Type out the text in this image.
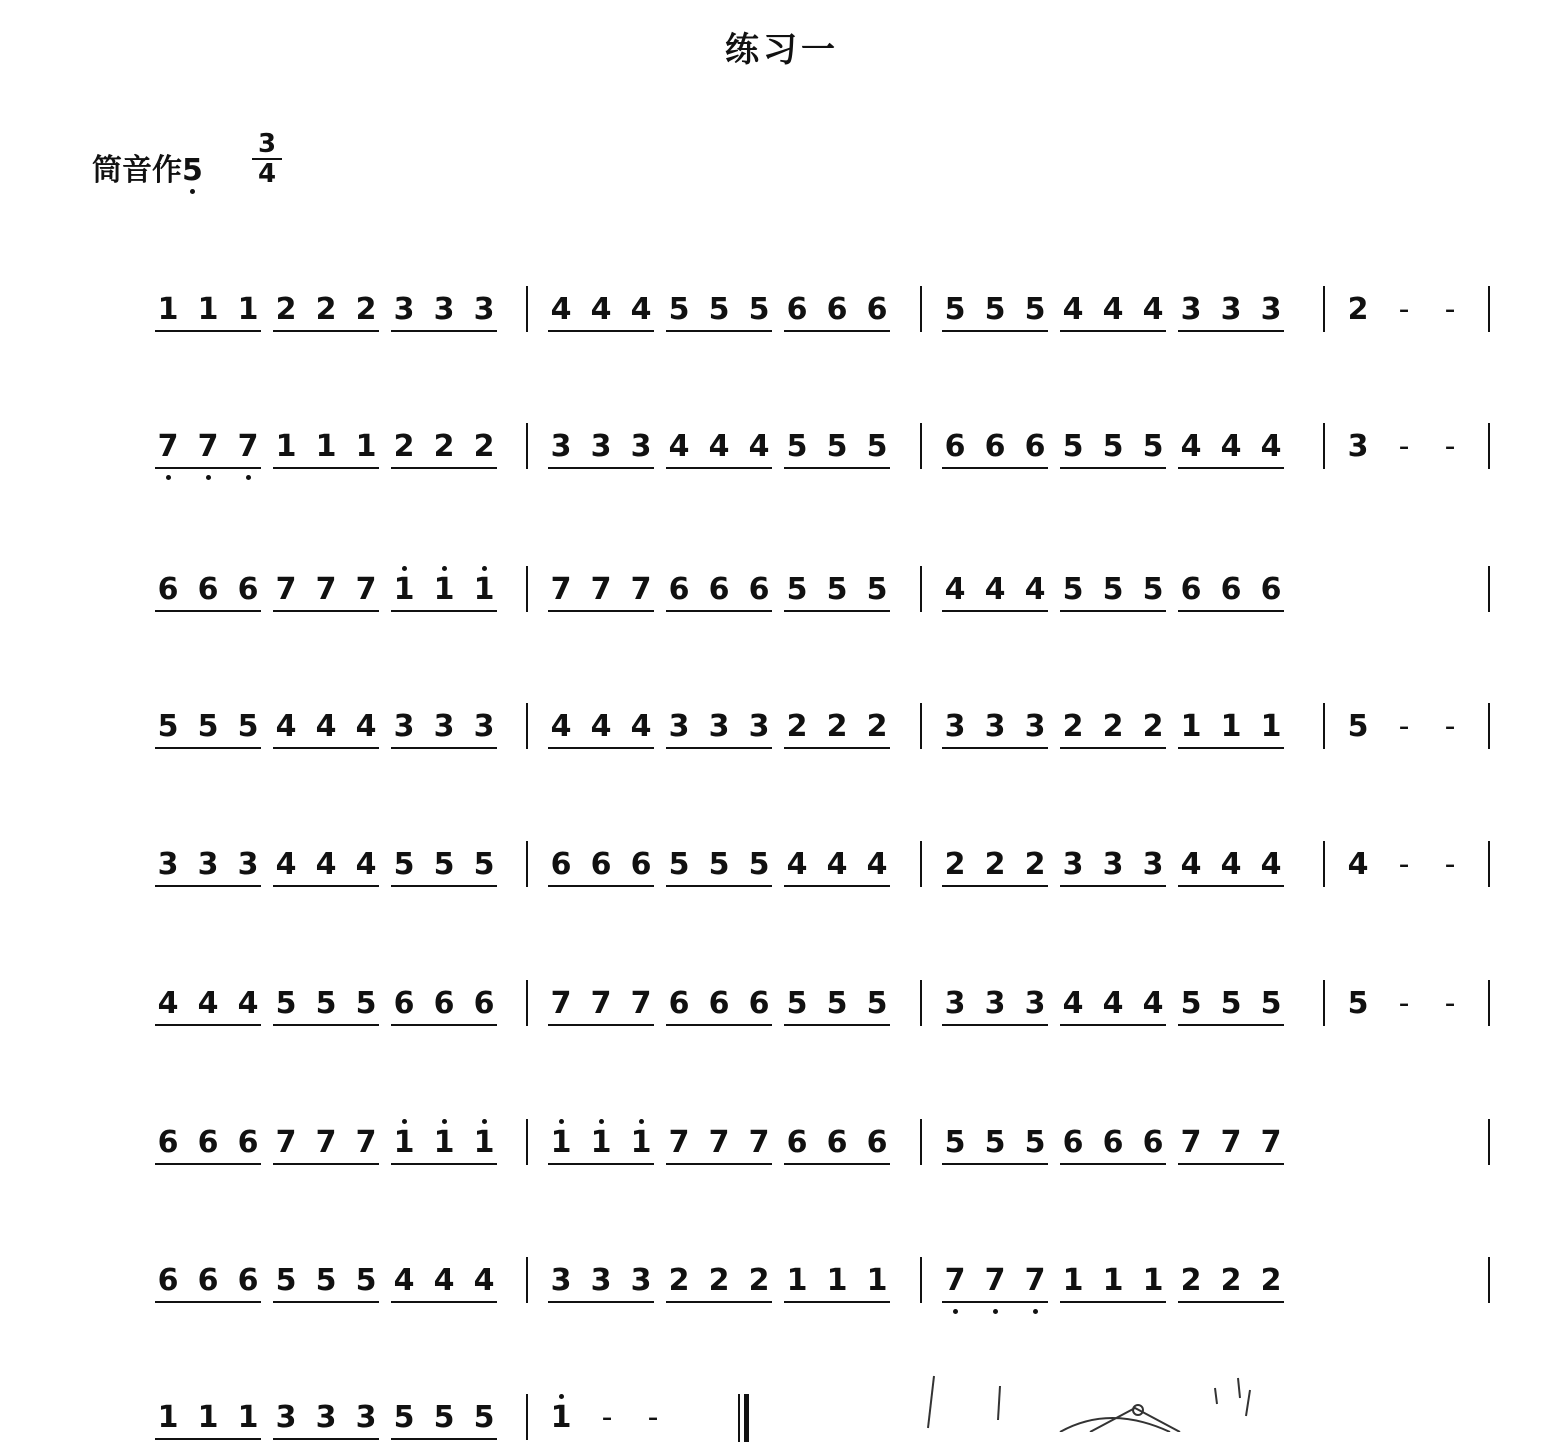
练习一
筒音作$5 \frac{3}{4}$
1 1 1 2 2 2 3 3 3 4 4 4 5 5 5 6 6 6 5 5 5 4 4 4 3 3 3 2 - -
7 7 7 1 1 1 2 2 2 3 3 3 4 4 4 5 5 5 6 6 6 5 5 5 4 4 4 3 - -
6 6 6 7 7 7 1 1 1 7 7 7 6 6 6 5 5 5 4 4 4 5 5 5 6 6 6
5 5 5 4 4 4 3 3 3 4 4 4 3 3 3 2 2 2 3 3 3 2 2 2 1 1 1 5 - -
3 3 3 4 4 4 5 5 5 6 6 6 5 5 5 4 4 4 2 2 2 3 3 3 4 4 4 4 - -
4 4 4 5 5 5 6 6 6 7 7 7 6 6 6 5 5 5 3 3 3 4 4 4 5 5 5 5 - -
6 6 6 7 7 7 1 1 1 1 1 1 7 7 7 6 6 6 5 5 5 6 6 6 7 7 7
6 6 6 5 5 5 4 4 4 3 3 3 2 2 2 1 1 1 7 7 7 1 1 1 2 2 2
1 1 1 3 3 3 5 5 5 1 - -
